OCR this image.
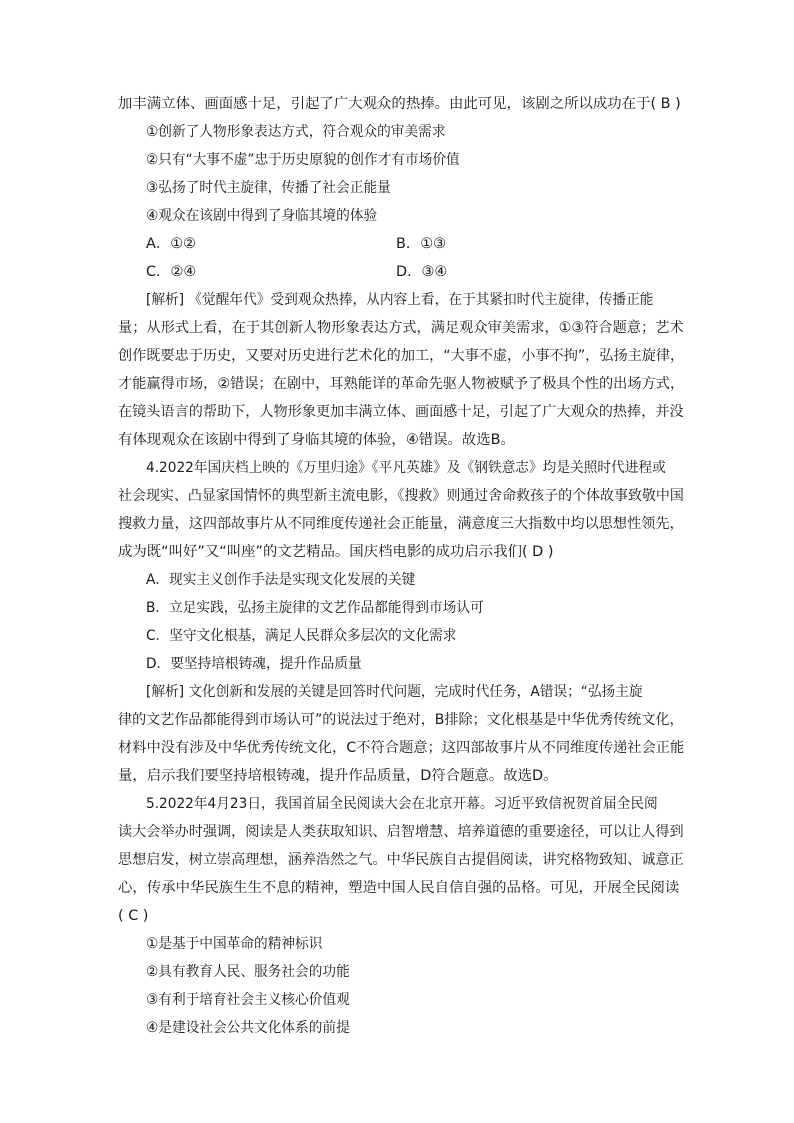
加丰满立体、画面感十足，引起了广大观众的热捧。由此可见，该剧之所以成功在于( B )
①创新了人物形象表达方式，符合观众的审美需求
②只有“大事不虚”忠于历史原貌的创作才有市场价值
③弘扬了时代主旋律，传播了社会正能量
④观众在该剧中得到了身临其境的体验
A．①②	B．①③
C．②④	D．③④
[解析] 《觉醒年代》受到观众热捧，从内容上看，在于其紧扣时代主旋律，传播正能
量；从形式上看，在于其创新人物形象表达方式，满足观众审美需求，①③符合题意；艺术
创作既要忠于历史，又要对历史进行艺术化的加工，“大事不虚，小事不拘”，弘扬主旋律，
才能赢得市场，②错误；在剧中，耳熟能详的革命先驱人物被赋予了极具个性的出场方式，
在镜头语言的帮助下，人物形象更加丰满立体、画面感十足，引起了广大观众的热捧，并没
有体现观众在该剧中得到了身临其境的体验，④错误。故选B。
4.2022年国庆档上映的《万里归途》《平凡英雄》及《钢铁意志》均是关照时代进程或
社会现实、凸显家国情怀的典型新主流电影，《搜救》则通过舍命救孩子的个体故事致敬中国
搜救力量，这四部故事片从不同维度传递社会正能量，满意度三大指数中均以思想性领先，
成为既“叫好”又“叫座”的文艺精品。国庆档电影的成功启示我们( D )
A．现实主义创作手法是实现文化发展的关键
B．立足实践，弘扬主旋律的文艺作品都能得到市场认可
C．坚守文化根基，满足人民群众多层次的文化需求
D．要坚持培根铸魂，提升作品质量
[解析] 文化创新和发展的关键是回答时代问题，完成时代任务，A错误；“弘扬主旋
律的文艺作品都能得到市场认可”的说法过于绝对，B排除；文化根基是中华优秀传统文化，
材料中没有涉及中华优秀传统文化，C不符合题意；这四部故事片从不同维度传递社会正能
量，启示我们要坚持培根铸魂，提升作品质量，D符合题意。故选D。
5.2022年4月23日，我国首届全民阅读大会在北京开幕。习近平致信祝贺首届全民阅
读大会举办时强调，阅读是人类获取知识、启智增慧、培养道德的重要途径，可以让人得到
思想启发，树立崇高理想，涵养浩然之气。中华民族自古提倡阅读，讲究格物致知、诚意正
心，传承中华民族生生不息的精神，塑造中国人民自信自强的品格。可见，开展全民阅读
( C )
①是基于中国革命的精神标识
②具有教育人民、服务社会的功能
③有利于培育社会主义核心价值观
④是建设社会公共文化体系的前提
